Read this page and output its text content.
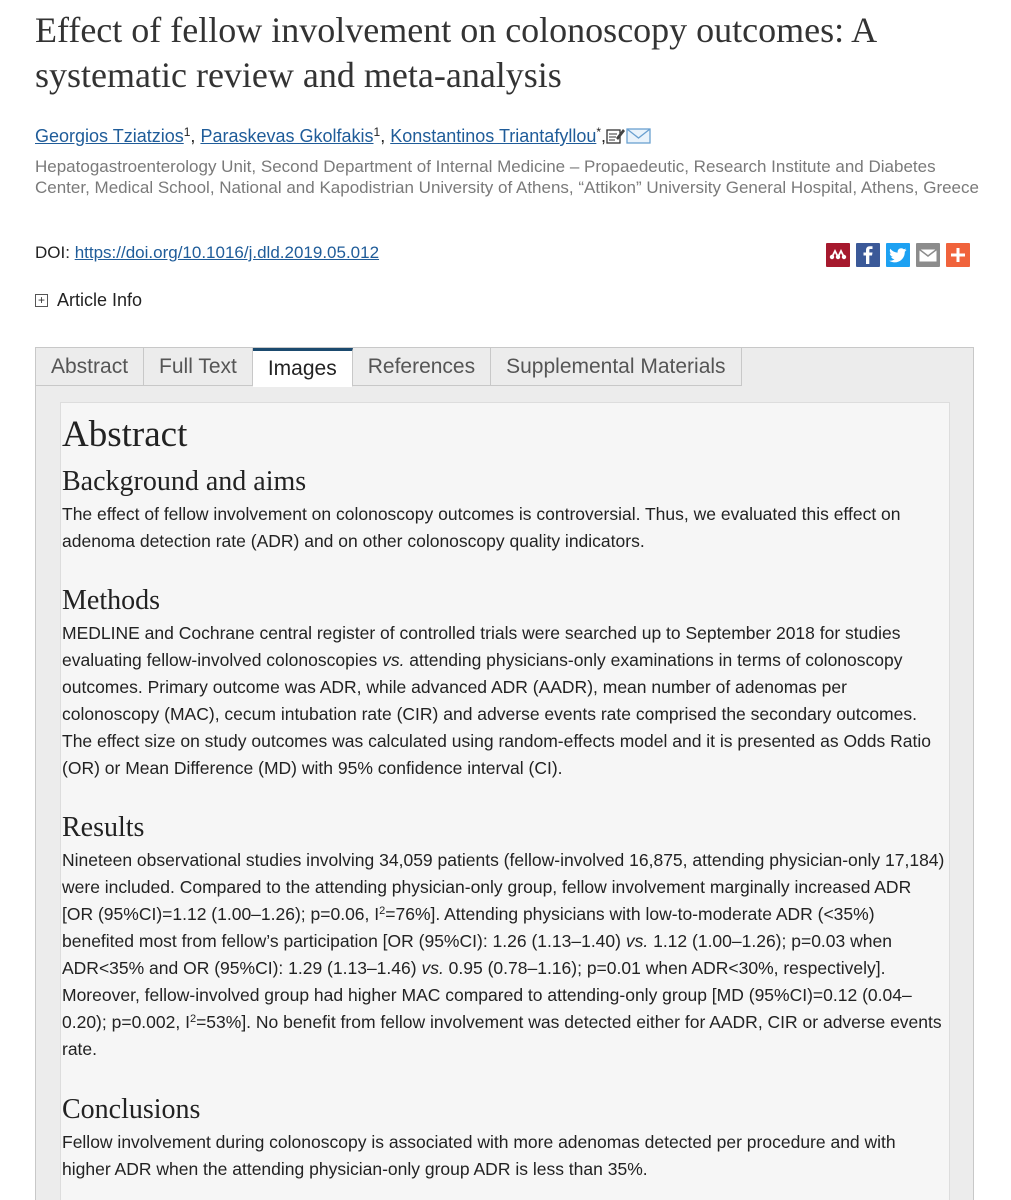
Effect of fellow involvement on colonoscopy outcomes: A systematic review and meta-analysis
Georgios Tziatzios$^1$, Paraskevas Gkolfakis$^1$, Konstantinos Triantafyllou*,
Hepatogastroenterology Unit, Second Department of Internal Medicine – Propaedeutic, Research Institute and Diabetes Center, Medical School, National and Kapodistrian University of Athens, “Attikon” University General Hospital, Athens, Greece
DOI: https://doi.org/10.1016/j.dld.2019.05.012
+ Article Info
Abstract	Full Text	Images	References	Supplemental Materials
Abstract
Background and aims

The effect of fellow involvement on colonoscopy outcomes is controversial. Thus, we evaluated this effect on adenoma detection rate (ADR) and on other colonoscopy quality indicators.

Methods

MEDLINE and Cochrane central register of controlled trials were searched up to September 2018 for studies evaluating fellow-involved colonoscopies vs. attending physicians-only examinations in terms of colonoscopy outcomes. Primary outcome was ADR, while advanced ADR (AADR), mean number of adenomas per colonoscopy (MAC), cecum intubation rate (CIR) and adverse events rate comprised the secondary outcomes. The effect size on study outcomes was calculated using random-effects model and it is presented as Odds Ratio (OR) or Mean Difference (MD) with 95% confidence interval (CI).

Results

Nineteen observational studies involving 34,059 patients (fellow-involved 16,875, attending physician-only 17,184) were included. Compared to the attending physician-only group, fellow involvement marginally increased ADR [OR (95%CI)=1.12 (1.00–1.26); p=0.06, $I^2=76\%$]. Attending physicians with low-to-moderate ADR (<35%) benefited most from fellow’s participation [OR (95%CI): 1.26 (1.13–1.40) vs. 1.12 (1.00–1.26); p=0.03 when ADR<35% and OR (95%CI): 1.29 (1.13–1.46) vs. 0.95 (0.78–1.16); p=0.01 when ADR<30%, respectively]. Moreover, fellow-involved group had higher MAC compared to attending-only group [MD (95%CI)=0.12 (0.04–0.20); p=0.002, $I^2=53\%$]. No benefit from fellow involvement was detected either for AADR, CIR or adverse events rate.

Conclusions

Fellow involvement during colonoscopy is associated with more adenomas detected per procedure and with higher ADR when the attending physician-only group ADR is less than 35%.
